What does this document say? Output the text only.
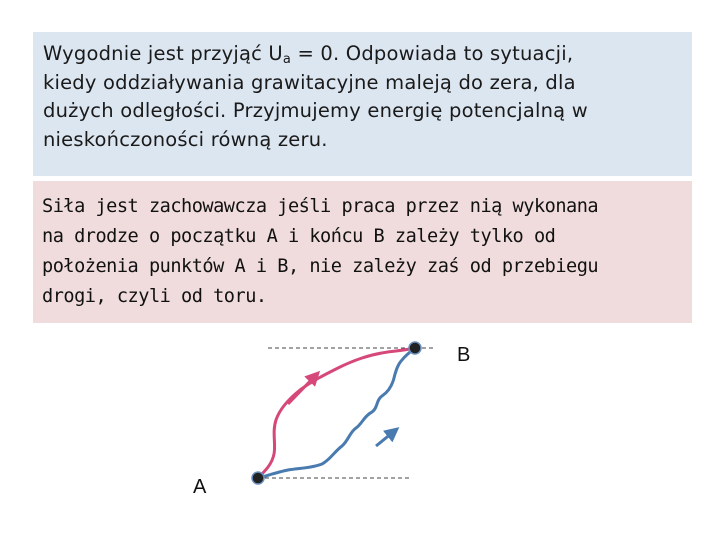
Wygodnie jest przyjąć $U_a = 0$. Odpowiada to sytuacji,
kiedy oddziaływania grawitacyjne maleją do zera, dla
dużych odległości. Przyjmujemy energię potencjalną w
nieskończoności równą zeru.
Siła jest zachowawcza jeśli praca przez nią wykonana
na drodze o początku A i końcu B zależy tylko od
położenia punktów A i B, nie zależy zaś od przebiegu
drogi, czyli od toru.
B
A
